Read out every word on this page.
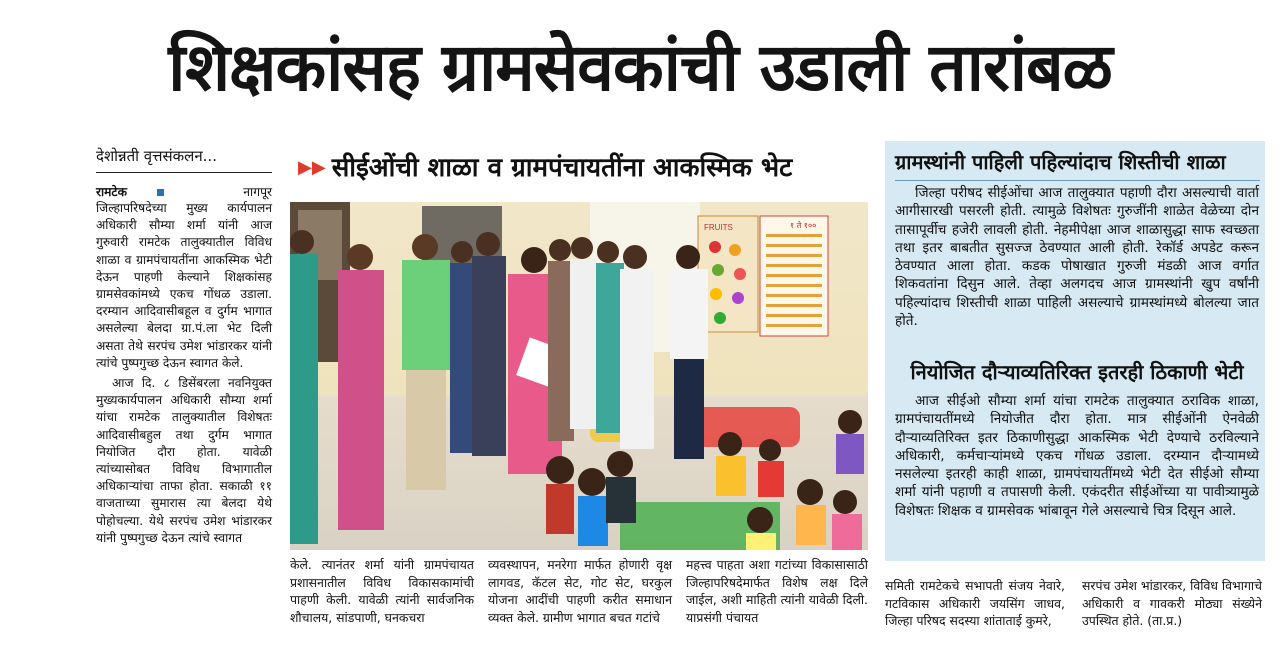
शिक्षकांसह ग्रामसेवकांची उडाली तारांबळ
देशोन्नती वृत्तसंकलन...
रामटेक	नागपूर

जिल्हापरिषदेच्या मुख्य कार्यपालन अधिकारी सौम्या शर्मा यांनी आज गुरुवारी रामटेक तालुक्यातील विविध शाळा व ग्रामपंचायतींना आकस्मिक भेटी देऊन पाहणी केल्याने शिक्षकांसह ग्रामसेवकांमध्ये एकच गोंधळ उडाला. दरम्यान आदिवासीबहूल व दुर्गम भागात असलेल्या बेलदा ग्रा.पं.ला भेट दिली असता तेथे सरपंच उमेश भांडारकर यांनी त्यांचे पुष्पगुच्छ देऊन स्वागत केले.

आज दि. ८ डिसेंबरला नवनियुक्त मुख्यकार्यपालन अधिकारी सौम्या शर्मा यांचा रामटेक तालुक्यातील विशेषतः आदिवासीबहुल तथा दुर्गम भागात नियोजित दौरा होता. यावेळी त्यांच्यासोबत विविध विभागातील अधिकाऱ्यांचा ताफा होता. सकाळी ११ वाजताच्या सुमारास त्या बेलदा येथे पोहोचल्या. येथे सरपंच उमेश भांडारकर यांनी पुष्पगुच्छ देऊन त्यांचे स्वागत

▶▶ सीईओंची शाळा व ग्रामपंचायतींना आकस्मिक भेट
FRUITS	१ ते १००
ग्रामस्थांनी पाहिली पहिल्यांदाच शिस्तीची शाळा

जिल्हा परीषद सीईओंचा आज तालुक्यात पहाणी दौरा असल्याची वार्ता आगीसारखी पसरली होती. त्यामुळे विशेषतः गुरुजींनी शाळेत वेळेच्या दोन तासापूर्वीच हजेरी लावली होती. नेहमीपेक्षा आज शाळासुद्धा साफ स्वच्छता तथा इतर बाबतीत सुसज्ज ठेवण्यात आली होती. रेकॉर्ड अपडेट करून ठेवण्यात आला होता. कडक पोषाखात गुरुजी मंडळी आज वर्गात शिकवतांना दिसुन आले. तेव्हा अलगदच आज ग्रामस्थांनी खुप वर्षांनी पहिल्यांदाच शिस्तीची शाळा पाहिली असल्याचे ग्रामस्थांमध्ये बोलल्या जात होते.

नियोजित दौऱ्याव्यतिरिक्त इतरही ठिकाणी भेटी

आज सीईओ सौम्या शर्मा यांचा रामटेक तालुक्यात ठराविक शाळा, ग्रामपंचायतींमध्ये नियोजीत दौरा होता. मात्र सीईओंनी ऐनवेळी दौऱ्याव्यतिरिक्त इतर ठिकाणीसुद्धा आकस्मिक भेटी देण्याचे ठरविल्याने अधिकारी, कर्मचाऱ्यांमध्ये एकच गोंधळ उडाला. दरम्यान दौऱ्यामध्ये नसलेल्या इतरही काही शाळा, ग्रामपंचायतींमध्ये भेटी देत सीईओ सौम्या शर्मा यांनी पहाणी व तपासणी केली. एकंदरीत सीईओंच्या या पावीत्र्यामुळे विशेषतः शिक्षक व ग्रामसेवक भांबावून गेले असल्याचे चित्र दिसून आले.

केले. त्यानंतर शर्मा यांनी ग्रामपंचायत प्रशासनातील विविध विकासकामांची पाहणी केली. यावेळी त्यांनी सार्वजनिक शौचालय, सांडपाणी, घनकचरा
व्यवस्थापन, मनरेगा मार्फत होणारी वृक्ष लागवड, कॅटल सेट, गोट सेट, घरकुल योजना आदींची पाहणी करीत समाधान व्यक्त केले. ग्रामीण भागात बचत गटांचे
महत्त्व पाहता अशा गटांच्या विकासासाठी जिल्हापरिषदेमार्फत विशेष लक्ष दिले जाईल, अशी माहिती त्यांनी यावेळी दिली. याप्रसंगी पंचायत
समिती रामटेकचे सभापती संजय नेवारे, गटविकास अधिकारी जयसिंग जाधव, जिल्हा परिषद सदस्या शांताताई कुमरे,
सरपंच उमेश भांडारकर, विविध विभागाचे अधिकारी व गावकरी मोठ्या संख्येने उपस्थित होते. (ता.प्र.)
